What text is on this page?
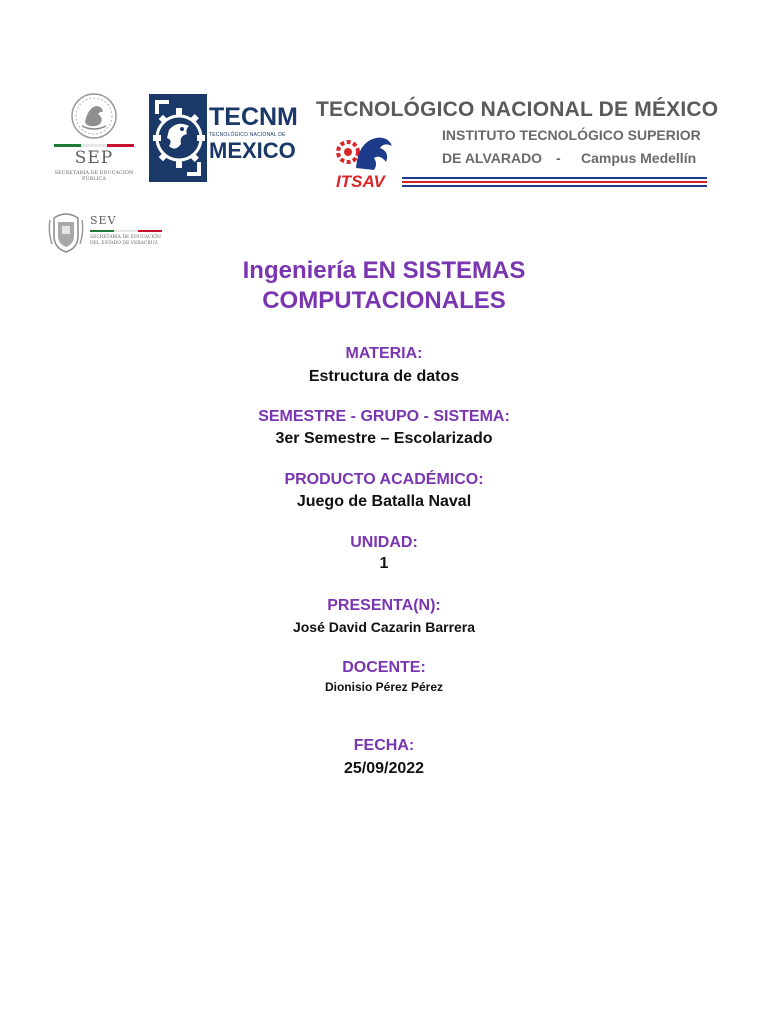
SEP
SECRETARÍA DE EDUCACIÓN PÚBLICA
TECNM
TECNOLÓGICO NACIONAL DE
MEXICO
SEV
SECRETARÍA DE EDUCACIÓN DEL ESTADO DE VERACRUZ
TECNOLÓGICO NACIONAL DE MÉXICO
INSTITUTO TECNOLÓGICO SUPERIOR
DE ALVARADO - Campus Medellín
ITSAV
Ingeniería EN SISTEMAS
COMPUTACIONALES
MATERIA:
Estructura de datos
SEMESTRE - GRUPO - SISTEMA:
3er Semestre – Escolarizado
PRODUCTO ACADÉMICO:
Juego de Batalla Naval
UNIDAD:
1
PRESENTA(N):
José David Cazarin Barrera
DOCENTE:
Dionisio Pérez Pérez
FECHA:
25/09/2022
